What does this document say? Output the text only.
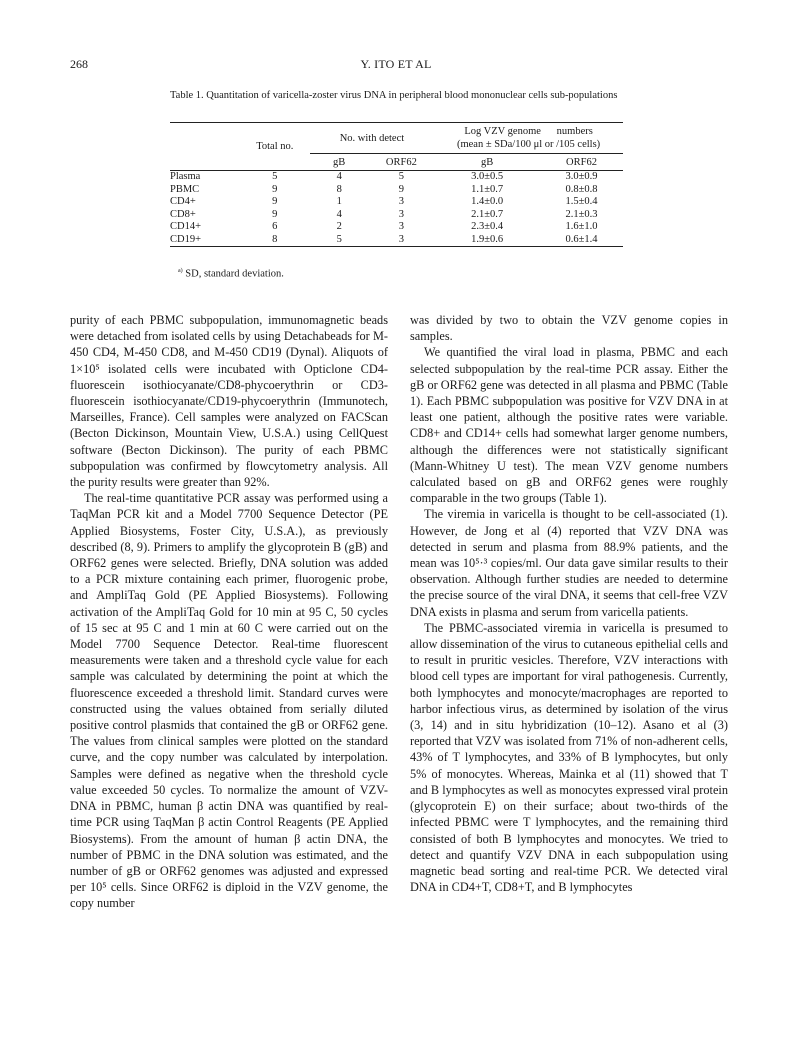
268	Y. ITO ET AL
Table 1. Quantitation of varicella-zoster virus DNA in peripheral blood mononuclear cells sub-populations

	Total no.	No. with detect		Log VZV genome      numbers
(mean ± SDa/100 μl or /105 cells)	

		gB	ORF62	gB	ORF62
Plasma	5	4	5	3.0±0.5	3.0±0.9
PBMC	9	8	9	1.1±0.7	0.8±0.8
CD4+	9	1	3	1.4±0.0	1.5±0.4
CD8+	9	4	3	2.1±0.7	2.1±0.3
CD14+	6	2	3	2.3±0.4	1.6±1.0
CD19+	8	5	3	1.9±0.6	0.6±1.4

$^{a)}$ SD, standard deviation.

purity of each PBMC subpopulation, immunomagnetic beads were detached from isolated cells by using Detachabeads for M-450 CD4, M-450 CD8, and M-450 CD19 (Dynal). Aliquots of 1×10⁵ isolated cells were incubated with Opticlone CD4-fluorescein isothiocyanate/CD8-phycoerythrin or CD3-fluorescein isothiocyanate/CD19-phycoerythrin (Immunotech, Marseilles, France). Cell samples were analyzed on FACScan (Becton Dickinson, Mountain View, U.S.A.) using CellQuest software (Becton Dickinson). The purity of each PBMC subpopulation was confirmed by flowcytometry analysis. All the purity results were greater than 92%.

The real-time quantitative PCR assay was performed using a TaqMan PCR kit and a Model 7700 Sequence Detector (PE Applied Biosystems, Foster City, U.S.A.), as previously described (8, 9). Primers to amplify the glycoprotein B (gB) and ORF62 genes were selected. Briefly, DNA solution was added to a PCR mixture containing each primer, fluorogenic probe, and AmpliTaq Gold (PE Applied Biosystems). Following activation of the AmpliTaq Gold for 10 min at 95 C, 50 cycles of 15 sec at 95 C and 1 min at 60 C were carried out on the Model 7700 Sequence Detector. Real-time fluorescent measurements were taken and a threshold cycle value for each sample was calculated by determining the point at which the fluorescence exceeded a threshold limit. Standard curves were constructed using the values obtained from serially diluted positive control plasmids that contained the gB or ORF62 gene. The values from clinical samples were plotted on the standard curve, and the copy number was calculated by interpolation. Samples were defined as negative when the threshold cycle value exceeded 50 cycles. To normalize the amount of VZV-DNA in PBMC, human β actin DNA was quantified by real-time PCR using TaqMan β actin Control Reagents (PE Applied Biosystems). From the amount of human β actin DNA, the number of PBMC in the DNA solution was estimated, and the number of gB or ORF62 genomes was adjusted and expressed per 10⁵ cells. Since ORF62 is diploid in the VZV genome, the copy number

was divided by two to obtain the VZV genome copies in samples.

We quantified the viral load in plasma, PBMC and each selected subpopulation by the real-time PCR assay. Either the gB or ORF62 gene was detected in all plasma and PBMC (Table 1). Each PBMC subpopulation was positive for VZV DNA in at least one patient, although the positive rates were variable. CD8+ and CD14+ cells had somewhat larger genome numbers, although the differences were not statistically significant (Mann-Whitney U test). The mean VZV genome numbers calculated based on gB and ORF62 genes were roughly comparable in the two groups (Table 1).

The viremia in varicella is thought to be cell-associated (1). However, de Jong et al (4) reported that VZV DNA was detected in serum and plasma from 88.9% patients, and the mean was 10⁵·³ copies/ml. Our data gave similar results to their observation. Although further studies are needed to determine the precise source of the viral DNA, it seems that cell-free VZV DNA exists in plasma and serum from varicella patients.

The PBMC-associated viremia in varicella is presumed to allow dissemination of the virus to cutaneous epithelial cells and to result in pruritic vesicles. Therefore, VZV interactions with blood cell types are important for viral pathogenesis. Currently, both lymphocytes and monocyte/macrophages are reported to harbor infectious virus, as determined by isolation of the virus (3, 14) and in situ hybridization (10–12). Asano et al (3) reported that VZV was isolated from 71% of non-adherent cells, 43% of T lymphocytes, and 33% of B lymphocytes, but only 5% of monocytes. Whereas, Mainka et al (11) showed that T and B lymphocytes as well as monocytes expressed viral protein (glycoprotein E) on their surface; about two-thirds of the infected PBMC were T lymphocytes, and the remaining third consisted of both B lymphocytes and monocytes. We tried to detect and quantify VZV DNA in each subpopulation using magnetic bead sorting and real-time PCR. We detected viral DNA in CD4+T, CD8+T, and B lymphocytes
